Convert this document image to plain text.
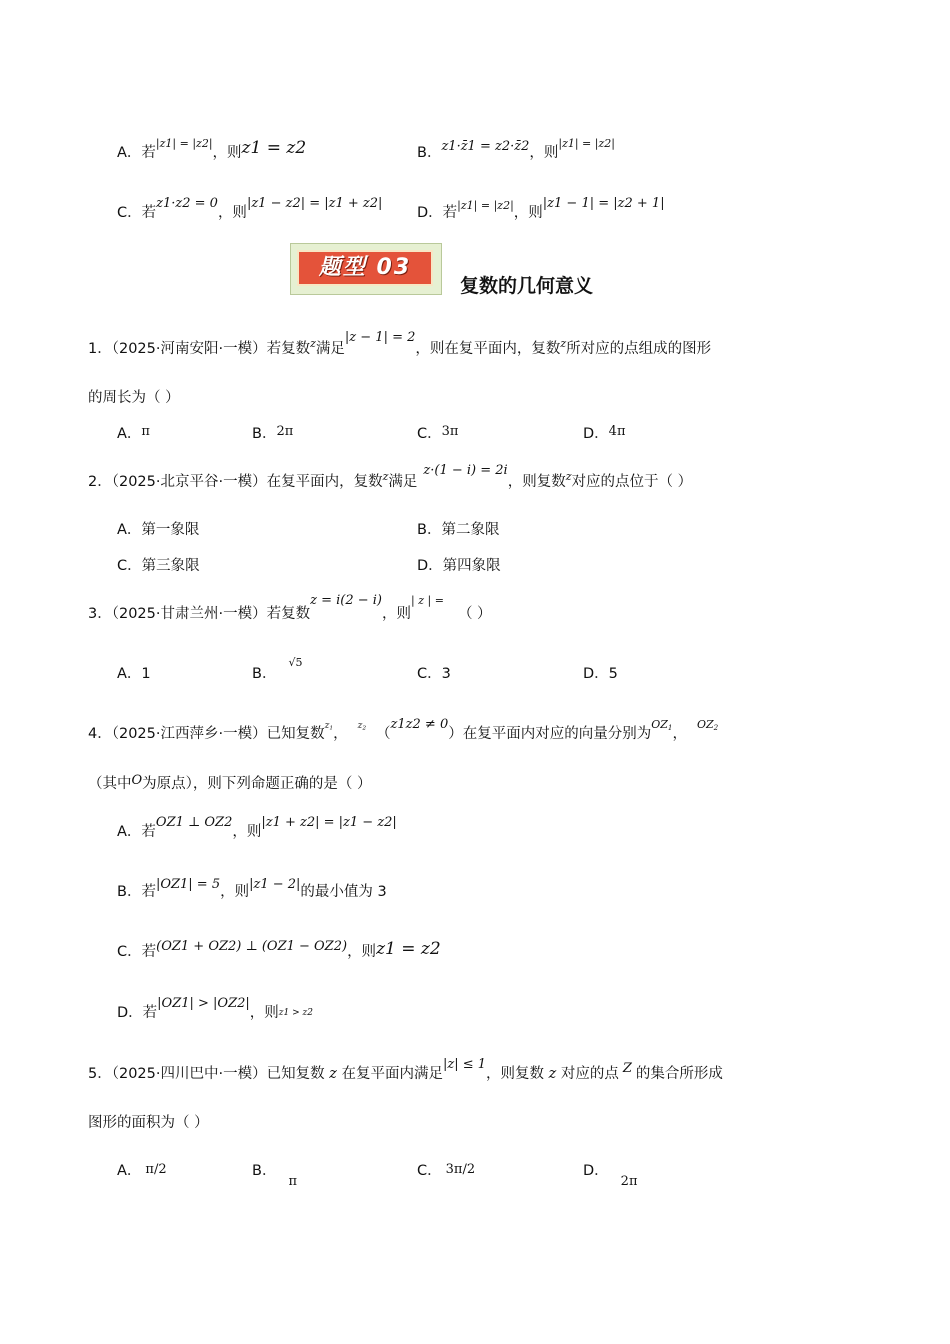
A．若$^{|z1| = |z2|}$，则z1 = z2	B．z1·z̄1 = z2·z̄2，则$^{|z1| = |z2|}$
C．若z1·z2 = 0，则|z1 − z2| = |z1 + z2|
D．若$^{|z1| = |z2|}$，则|z1 − 1| = |z2 + 1|
题型 03
复数的几何意义
1．（2025·河南安阳·一模）若复数$^z$满足|z − 1| = 2，则在复平面内，复数$^z$所对应的点组成的图形
的周长为（ ）
A．π	B．2π	C．3π	D．4π
2．（2025·北京平谷·一模）在复平面内，复数$^z$满足z·(1 − i) = 2i，则复数$^z$对应的点位于（ ）
A．第一象限	B．第二象限
C．第三象限	D．第四象限
3．（2025·甘肃兰州·一模）若复数z = i(2 − i)，则$^{| z | =}$（ ）
A．1	B．$^{√5}$
C．3	D．5
4．（2025·江西萍乡·一模）已知复数$^{z_1}$， $^{z_2}$ （z1z2 ≠ 0）在复平面内对应的向量分别为$^{OZ_1}$，$^{OZ_2}$
（其中O为原点），则下列命题正确的是（ ）
A．若OZ1 ⊥ OZ2，则|z1 + z2| = |z1 − z2|
B．若|OZ1| = 5，则|z1 − 2|的最小值为 3
C．若(OZ1 + OZ2) ⊥ (OZ1 − OZ2)，则z1 = z2
D．若|OZ1| > |OZ2|，则z1 > z2
5．（2025·四川巴中·一模）已知复数 z 在复平面内满足|z| ≤ 1，则复数 z 对应的点 Z 的集合所形成
图形的面积为（ ）
A． π/2	B．π
C． 3π/2	D．2π
